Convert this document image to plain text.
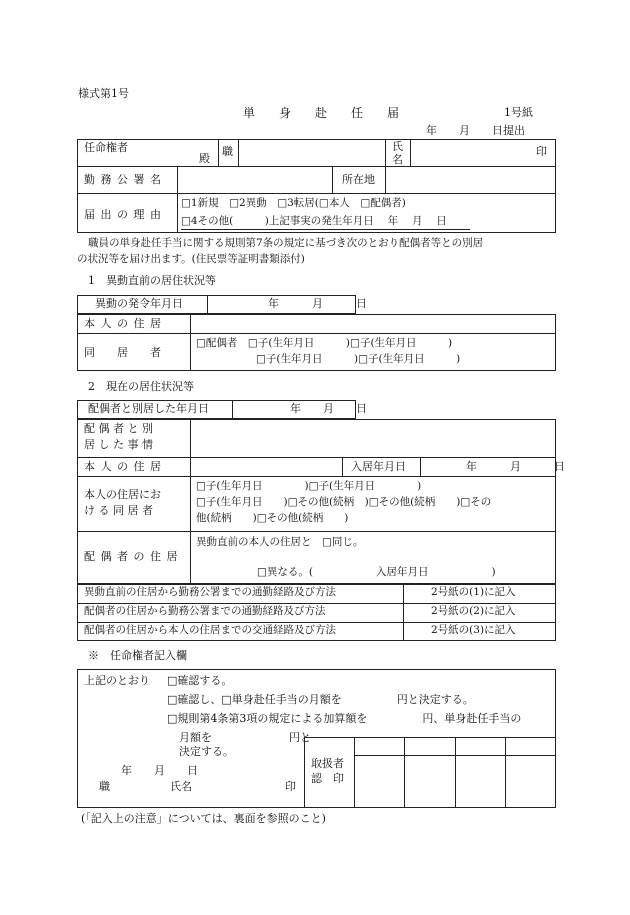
様式第1号
単　　身　　赴　　任　　届	1号紙
年　　月　　日提出
任命権者
殿
職	氏
名
印
勤 務 公 署 名	所在地
届 出 の 理 由
□1新規　□2異動　□3転居(□本人　□配偶者)
□4その他(　　　)上記事実の発生年月日　 年　 月　 日
職員の単身赴任手当に関する規則第7条の規定に基づき次のとおり配偶者等との別居
の状況等を届け出ます。(住民票等証明書類添付)
1　異動直前の居住状況等
異動の発令年月日	年　　　月　　　日
本 人 の 住 居
同　　居　　者
□配偶者　□子(生年月日　　　)□子(生年月日　　　)
□子(生年月日　　　)□子(生年月日　　　)
2　現在の居住状況等
配偶者と別居した年月日	年　　月　　日
配 偶 者 と 別
居 し た 事 情
本 人 の 住 居	入居年月日	年　　　月　　　日
本人の住居にお
け る 同 居 者
□子(生年月日　　　　)□子(生年月日　　　　)
□子(生年月日　　)□その他(続柄　)□その他(続柄　　)□その
他(続柄　　)□その他(続柄　　)
配 偶 者 の 住 居
異動直前の本人の住居と　□同じ。
□異なる。(　　　　　　入居年月日　　　　　　)
異動直前の住居から勤務公署までの通勤経路及び方法	2号紙の(1)に記入
配偶者の住居から勤務公署までの通勤経路及び方法	2号紙の(2)に記入
配偶者の住居から本人の住居までの交通経路及び方法	2号紙の(3)に記入
※　任命権者記入欄
上記のとおり □確認する。
□確認し、□単身赴任手当の月額を　　　　　円と決定する。
□規則第4条第3項の規定による加算額を　　　　　円、単身赴任手当の
月額を　　　　　　　円と
決定する。
年　　月　　日
職	氏名	印
取扱者
認　印
(「記入上の注意」については、裏面を参照のこと)
